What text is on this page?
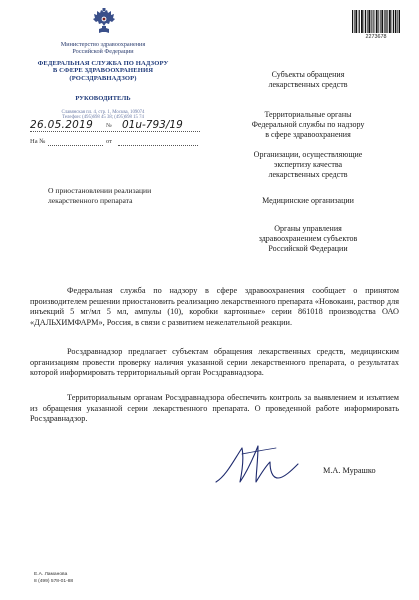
Министерство здравоохранения
Российской Федерации
ФЕДЕРАЛЬНАЯ СЛУЖБА ПО НАДЗОРУ
В СФЕРЕ ЗДРАВООХРАНЕНИЯ
(РОСЗДРАВНАДЗОР)
РУКОВОДИТЕЛЬ
Славянская пл. 4, стр. 1, Москва, 109074
Телефон: (495)698 45 38; (495)698 15 74
26.05.2019 № 01u-793/19
На №	от
О приостановлении реализации
лекарственного препарата
2273678
Субъекты обращения
лекарственных средств
Территориальные органы
Федеральной службы по надзору
в сфере здравоохранения
Организации, осуществляющие
экспертизу качества
лекарственных средств
Медицинские организации
Органы управления
здравоохранением субъектов
Российской Федерации
Федеральная служба по надзору в сфере здравоохранения сообщает о принятом производителем решении приостановить реализацию лекарственного препарата «Новокаин, раствор для инъекций 5 мг/мл 5 мл, ампулы (10), коробки картонные» серии 861018 производства ОАО «ДАЛЬХИМФАРМ», Россия, в связи с развитием нежелательной реакции.
Росздравнадзор предлагает субъектам обращения лекарственных средств, медицинским организациям провести проверку наличия указанной серии лекарственного препарата, о результатах которой информировать территориальный орган Росздравнадзора.
Территориальным органам Росздравнадзора обеспечить контроль за выявлением и изъятием из обращения указанной серии лекарственного препарата. О проведенной работе информировать Росздравнадзор.
М.А. Мурашко
Е.А. Ламанова
8 (499) 578-01-88
